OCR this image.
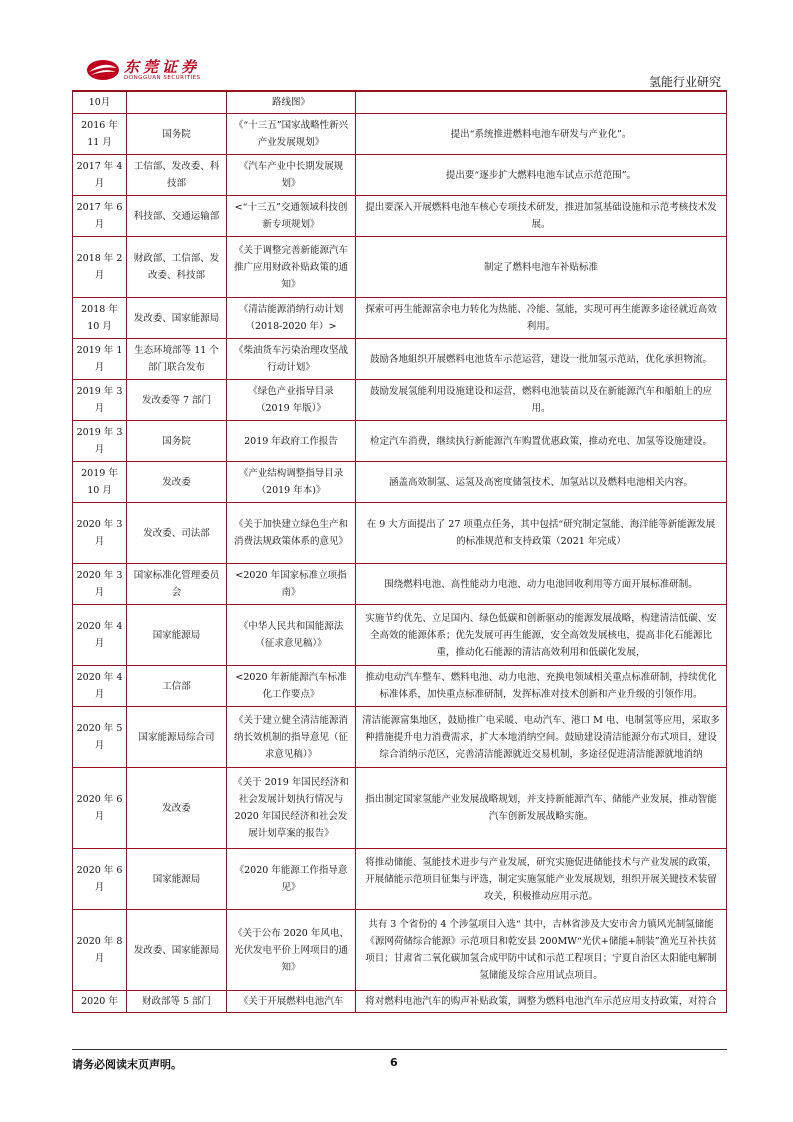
东莞证券
DONGGUAN SECURITIES	氢能行业研究
10月		路线图》	
2016 年 11 月	国务院	《“十三五”国家战略性新兴产业发展规划》	提出“系统推进燃料电池车研发与产业化”。
2017 年 4 月	工信部、发改委、科技部	《汽车产业中长期发展规划》	提出要“逐步扩大燃料电池车试点示范范围”。
2017 年 6 月	科技部、交通运输部	<“十三五”交通领域科技创新专项规划》	提出要深入开展燃料电池车核心专项技术研发，推进加氢基础设施和示范考核技术发展。
2018 年 2 月	财政部、工信部、发改委、科技部	《关于调整完善新能源汽车推广应用财政补贴政策的通知》	制定了燃料电池车补贴标准
2018 年 10 月	发改委、国家能源局	《清洁能源消纳行动计划（2018-2020 年）>	探索可再生能源富余电力转化为热能、冷能、氢能，实现可再生能源多途径就近高效利用。
2019 年 1 月	生态环境部等 11 个部门联合发布	《柴油货车污染治理攻坚战行动计划》	鼓励各地組织开展燃料电池货车示范运营，建设一批加氢示范站，优化承担物流。
2019 年 3 月	发改委等 7 部门	《绿色产业指导目录（2019 年版）》	鼓励发展氢能利用设施建设和运营，燃料电池装苗以及在新能源汽车和船舶上的应用。
2019 年 3 月	国务院	2019 年政府工作报告	检定汽车消费，继续执行新能源汽车购置优惠政策，推动充电、加氢等设施建设。
2019 年 10 月	发改委	《产业结构调整指导目录（2019 年本)》	涵盖高效制氢、运氢及高密度储氢技术、加氢站以及燃料电池相关内容。
2020 年 3 月	发改委、司法部	《关于加快建立绿色生产和消费法规政策体系的意见》	在 9 大方面提出了 27 项重点任务，其中包括“研究制定氢能、海洋能等新能源发展的标准规范和支持政策（2021 年完成）
2020 年 3 月	国家标准化管理委员会	<2020 年国家标准立项指南》	围绕燃料电池、高性能动力电池、动力电池回收利用等方面开展标准研制。
2020 年 4 月	国家能源局	《中华人民共和国能源法（征求意见稿）》	实施节约优先、立足国内、绿色低碳和创新驱动的能源发展战略，构建清洁低碳、安全高效的能源体系；优先发展可再生能源，安全高效发展核电，提高非化石能源比重，推动化石能源的清洁高效利用和低碳化发展，
2020 年 4 月	工信部	<2020 年新能源汽车标准化工作要点》	推动电动汽车整车、燃料电池、动力电池、充换电领域相关重点标准研制，持续优化标准体系，加快重点标准研制，发挥标准对技术创新和产业升级的引领作用。
2020 年 5 月	国家能源局综合司	《关于建立健全清洁能源消纳长效机制的指导意见（征求意见稿）》	清洁能源富集地区，鼓励推广电采暖、电动汽车、港口 M 电、电制氢等应用，采取多种措施提升电力消费需求，扩大本地消纳空间。鼓励建设清洁能源分布式项目，建设综合消纳示范区，完善清洁能源就近交易机制，多途径促进清洁能源就地消纳
2020 年 6 月	发改委	《关于 2019 年国民经济和社会发展计划执行情况与 2020 年国民经济和社会发展计划草案的报告》	指出制定国家氢能产业发展战略规划，并支持新能源汽车、储能产业发展，推动智能汽车创新发展战略实施。
2020 年 6 月	国家能源局	《2020 年能源工作指导意见》	将推动储能、氢能技术进步与产业发展，研究实施促进储能技术与产业发展的政策，开展储能示范项目征集与评选，制定实施氢能产业发展规划，组织开展关键技术装留攻关，积极推动应用示范。
2020 年 8 月	发改委、国家能源局	《关于公布 2020 年风电、光伏发电平价上网项目的通知》	共有 3 个省份的 4 个涉氢项目入选“ 其中，吉林省涉及大安市舍力镇风光制氢储能《源网荷储综合能源》示范项目和乾安县 200MW“光伏+储能+制装”渔光互补扶贫项目；甘肃省二氧化碳加氢合成甲防中试和示范工程项目；宁夏自治区太阳能电解制氢储能及综合应用试点项目。
2020 年	财政部等 5 部门	《关于开展燃料电池汽车	将对燃料电池汽车的购声补贴政策，调整为燃料电池汽车示范应用支持政策，对符合
请务必阅读末页声明。	6
